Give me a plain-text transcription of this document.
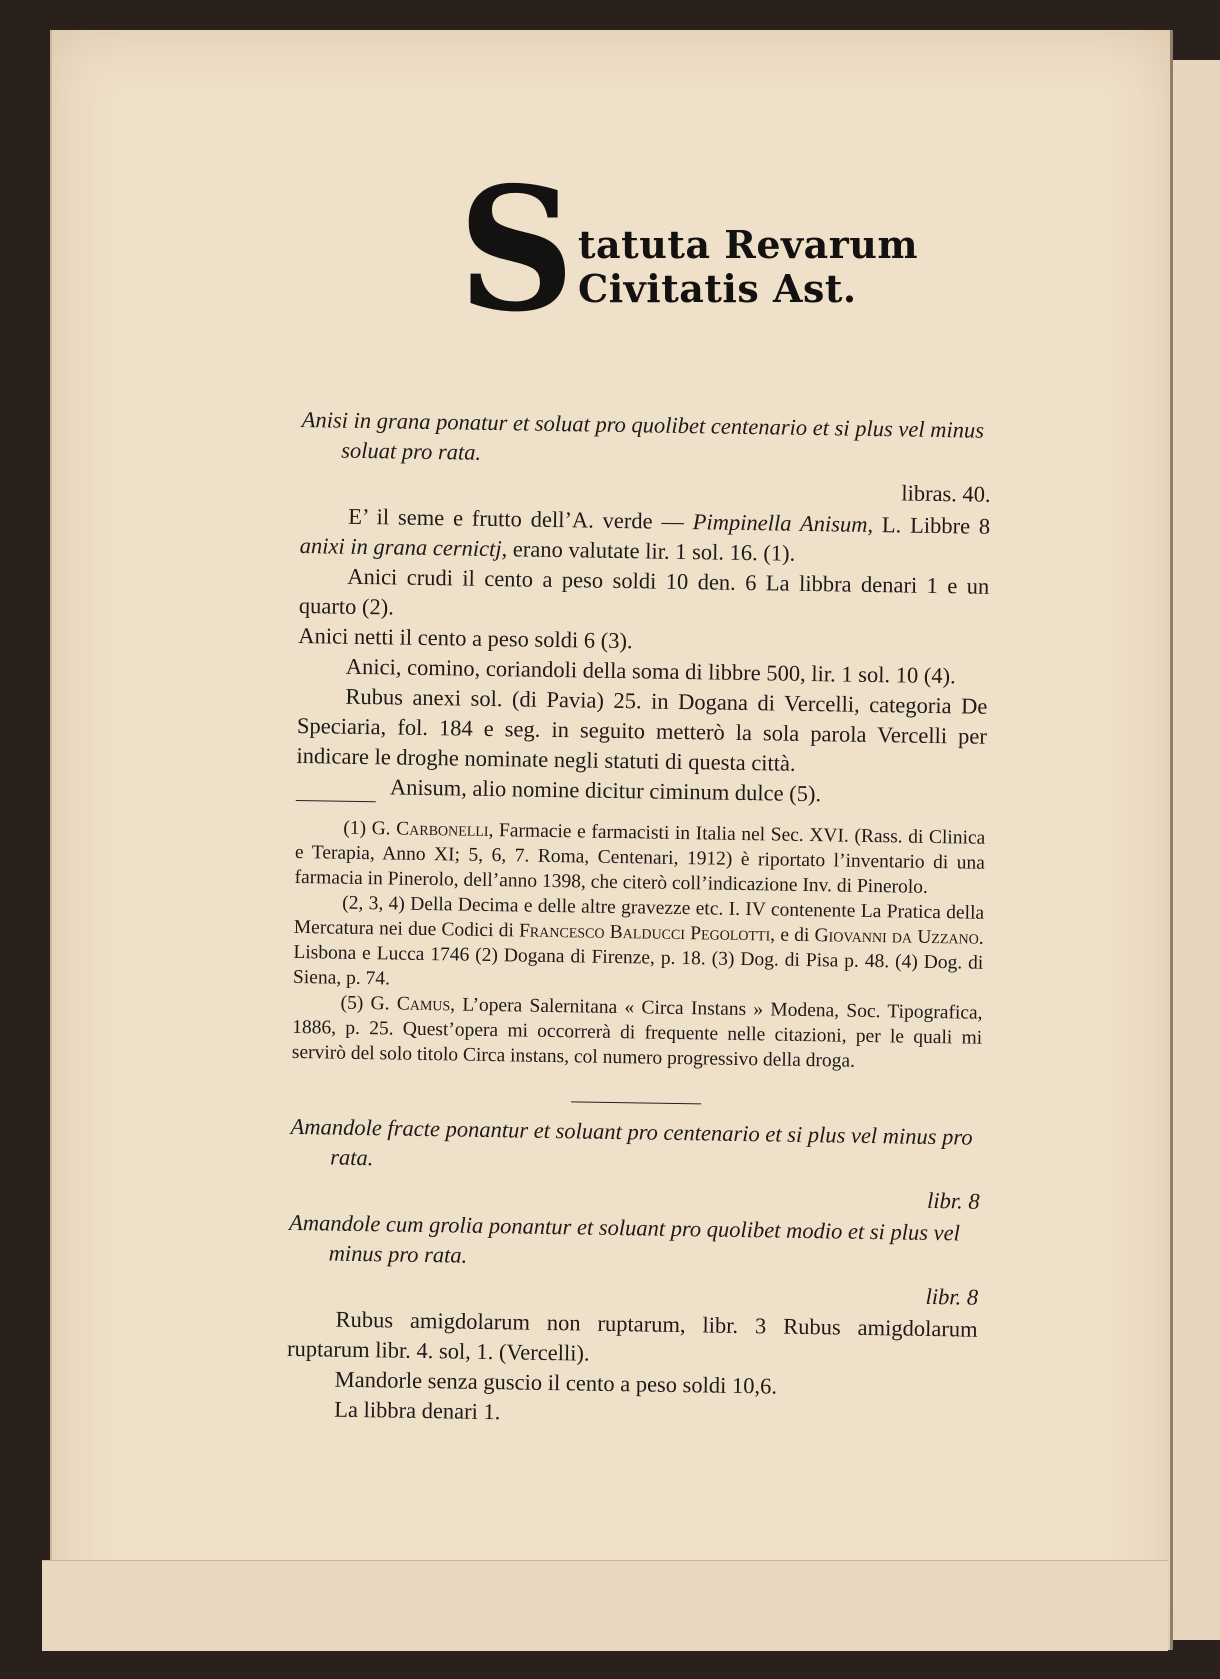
S tatuta Revarum
Civitatis Ast.

Anisi in grana ponatur et soluat pro quolibet centenario et si plus vel minus soluat pro rata.

libras. 40.

E’ il seme e frutto dell’A. verde — Pimpinella Anisum, L. Libbre 8 anixi in grana cernictj, erano valutate lir. 1 sol. 16. (1).

Anici crudi il cento a peso soldi 10 den. 6 La libbra denari 1 e un quarto (2).

Anici netti il cento a peso soldi 6 (3).

Anici, comino, coriandoli della soma di libbre 500, lir. 1 sol. 10 (4).

Rubus anexi sol. (di Pavia) 25. in Dogana di Vercelli, categoria De Speciaria, fol. 184 e seg. in seguito metterò la sola parola Vercelli per indicare le droghe nominate negli statuti di questa città.

Anisum, alio nomine dicitur ciminum dulce (5).

(1) G. Carbonelli, Farmacie e farmacisti in Italia nel Sec. XVI. (Rass. di Clinica e Terapia, Anno XI; 5, 6, 7. Roma, Centenari, 1912) è riportato l’inventario di una farmacia in Pinerolo, dell’anno 1398, che citerò coll’indicazione Inv. di Pinerolo.

(2, 3, 4) Della Decima e delle altre gravezze etc. I. IV contenente La Pratica della Mercatura nei due Codici di Francesco Balducci Pegolotti, e di Giovanni da Uzzano. Lisbona e Lucca 1746 (2) Dogana di Firenze, p. 18. (3) Dog. di Pisa p. 48. (4) Dog. di Siena, p. 74.

(5) G. Camus, L’opera Salernitana « Circa Instans » Modena, Soc. Tipografica, 1886, p. 25. Quest’opera mi occorrerà di frequente nelle citazioni, per le quali mi servirò del solo titolo Circa instans, col numero progressivo della droga.

Amandole fracte ponantur et soluant pro centenario et si plus vel minus pro rata.

libr. 8

Amandole cum grolia ponantur et soluant pro quolibet modio et si plus vel minus pro rata.

libr. 8

Rubus amigdolarum non ruptarum, libr. 3 Rubus amigdolarum ruptarum libr. 4. sol, 1. (Vercelli).

Mandorle senza guscio il cento a peso soldi 10,6.

La libbra denari 1.
